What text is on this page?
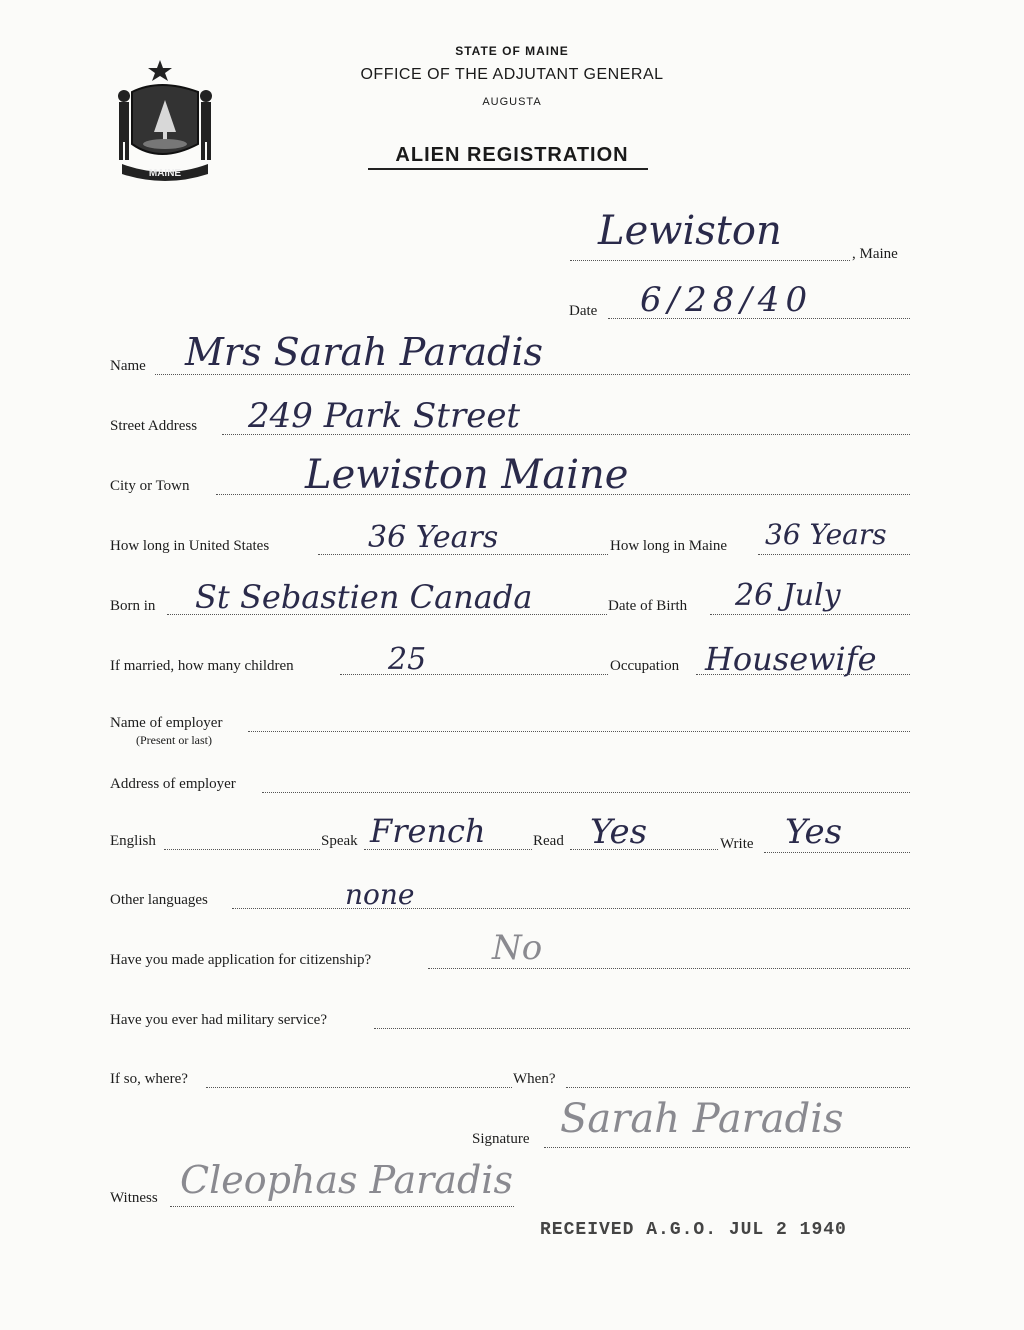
MAINE
STATE OF MAINE
OFFICE OF THE ADJUTANT GENERAL
AUGUSTA
ALIEN REGISTRATION
Lewiston	, Maine
Date 6/28/40
Name Mrs Sarah Paradis
Street Address 249 Park Street
City or Town	Lewiston Maine
How long in United States	36 Years	How long in Maine 36 Years
Born in St Sebastien Canada	Date of Birth 26 July
If married, how many children	25	Occupation Housewife
Name of employer
(Present or last)
Address of employer
English	Speak French	Read Yes	Write Yes
Other languages	none
Have you made application for citizenship?	No
Have you ever had military service?
If so, where?	When?
Signature Sarah Paradis
Witness Cleophas Paradis
RECEIVED A.G.O. JUL 2 1940
